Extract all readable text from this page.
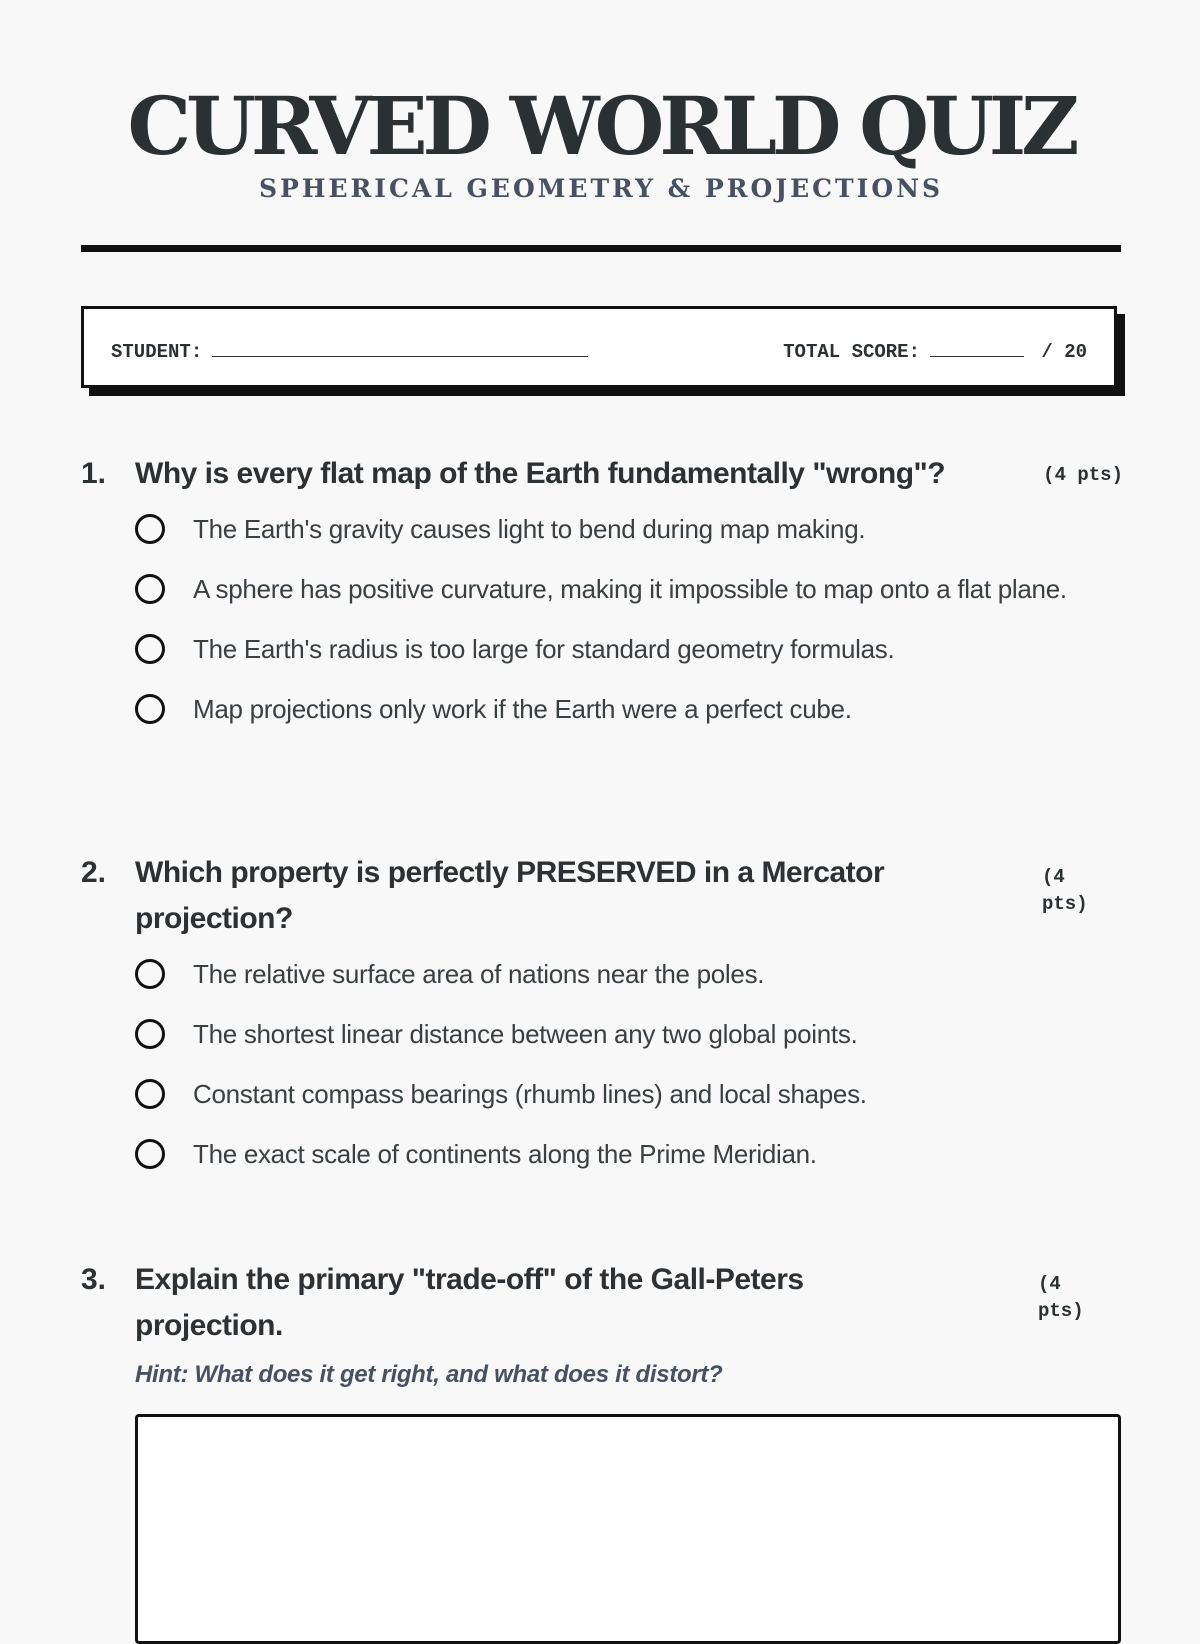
CURVED WORLD QUIZ
SPHERICAL GEOMETRY & PROJECTIONS
STUDENT:	TOTAL SCORE:	/ 20
1. Why is every flat map of the Earth fundamentally "wrong"?	(4 pts)
The Earth's gravity causes light to bend during map making.
A sphere has positive curvature, making it impossible to map onto a flat plane.
The Earth's radius is too large for standard geometry formulas.
Map projections only work if the Earth were a perfect cube.
2. Which property is perfectly PRESERVED in a Mercator projection?
(4 pts)
The relative surface area of nations near the poles.
The shortest linear distance between any two global points.
Constant compass bearings (rhumb lines) and local shapes.
The exact scale of continents along the Prime Meridian.
3. Explain the primary "trade-off" of the Gall-Peters projection.
(4 pts)
Hint: What does it get right, and what does it distort?
